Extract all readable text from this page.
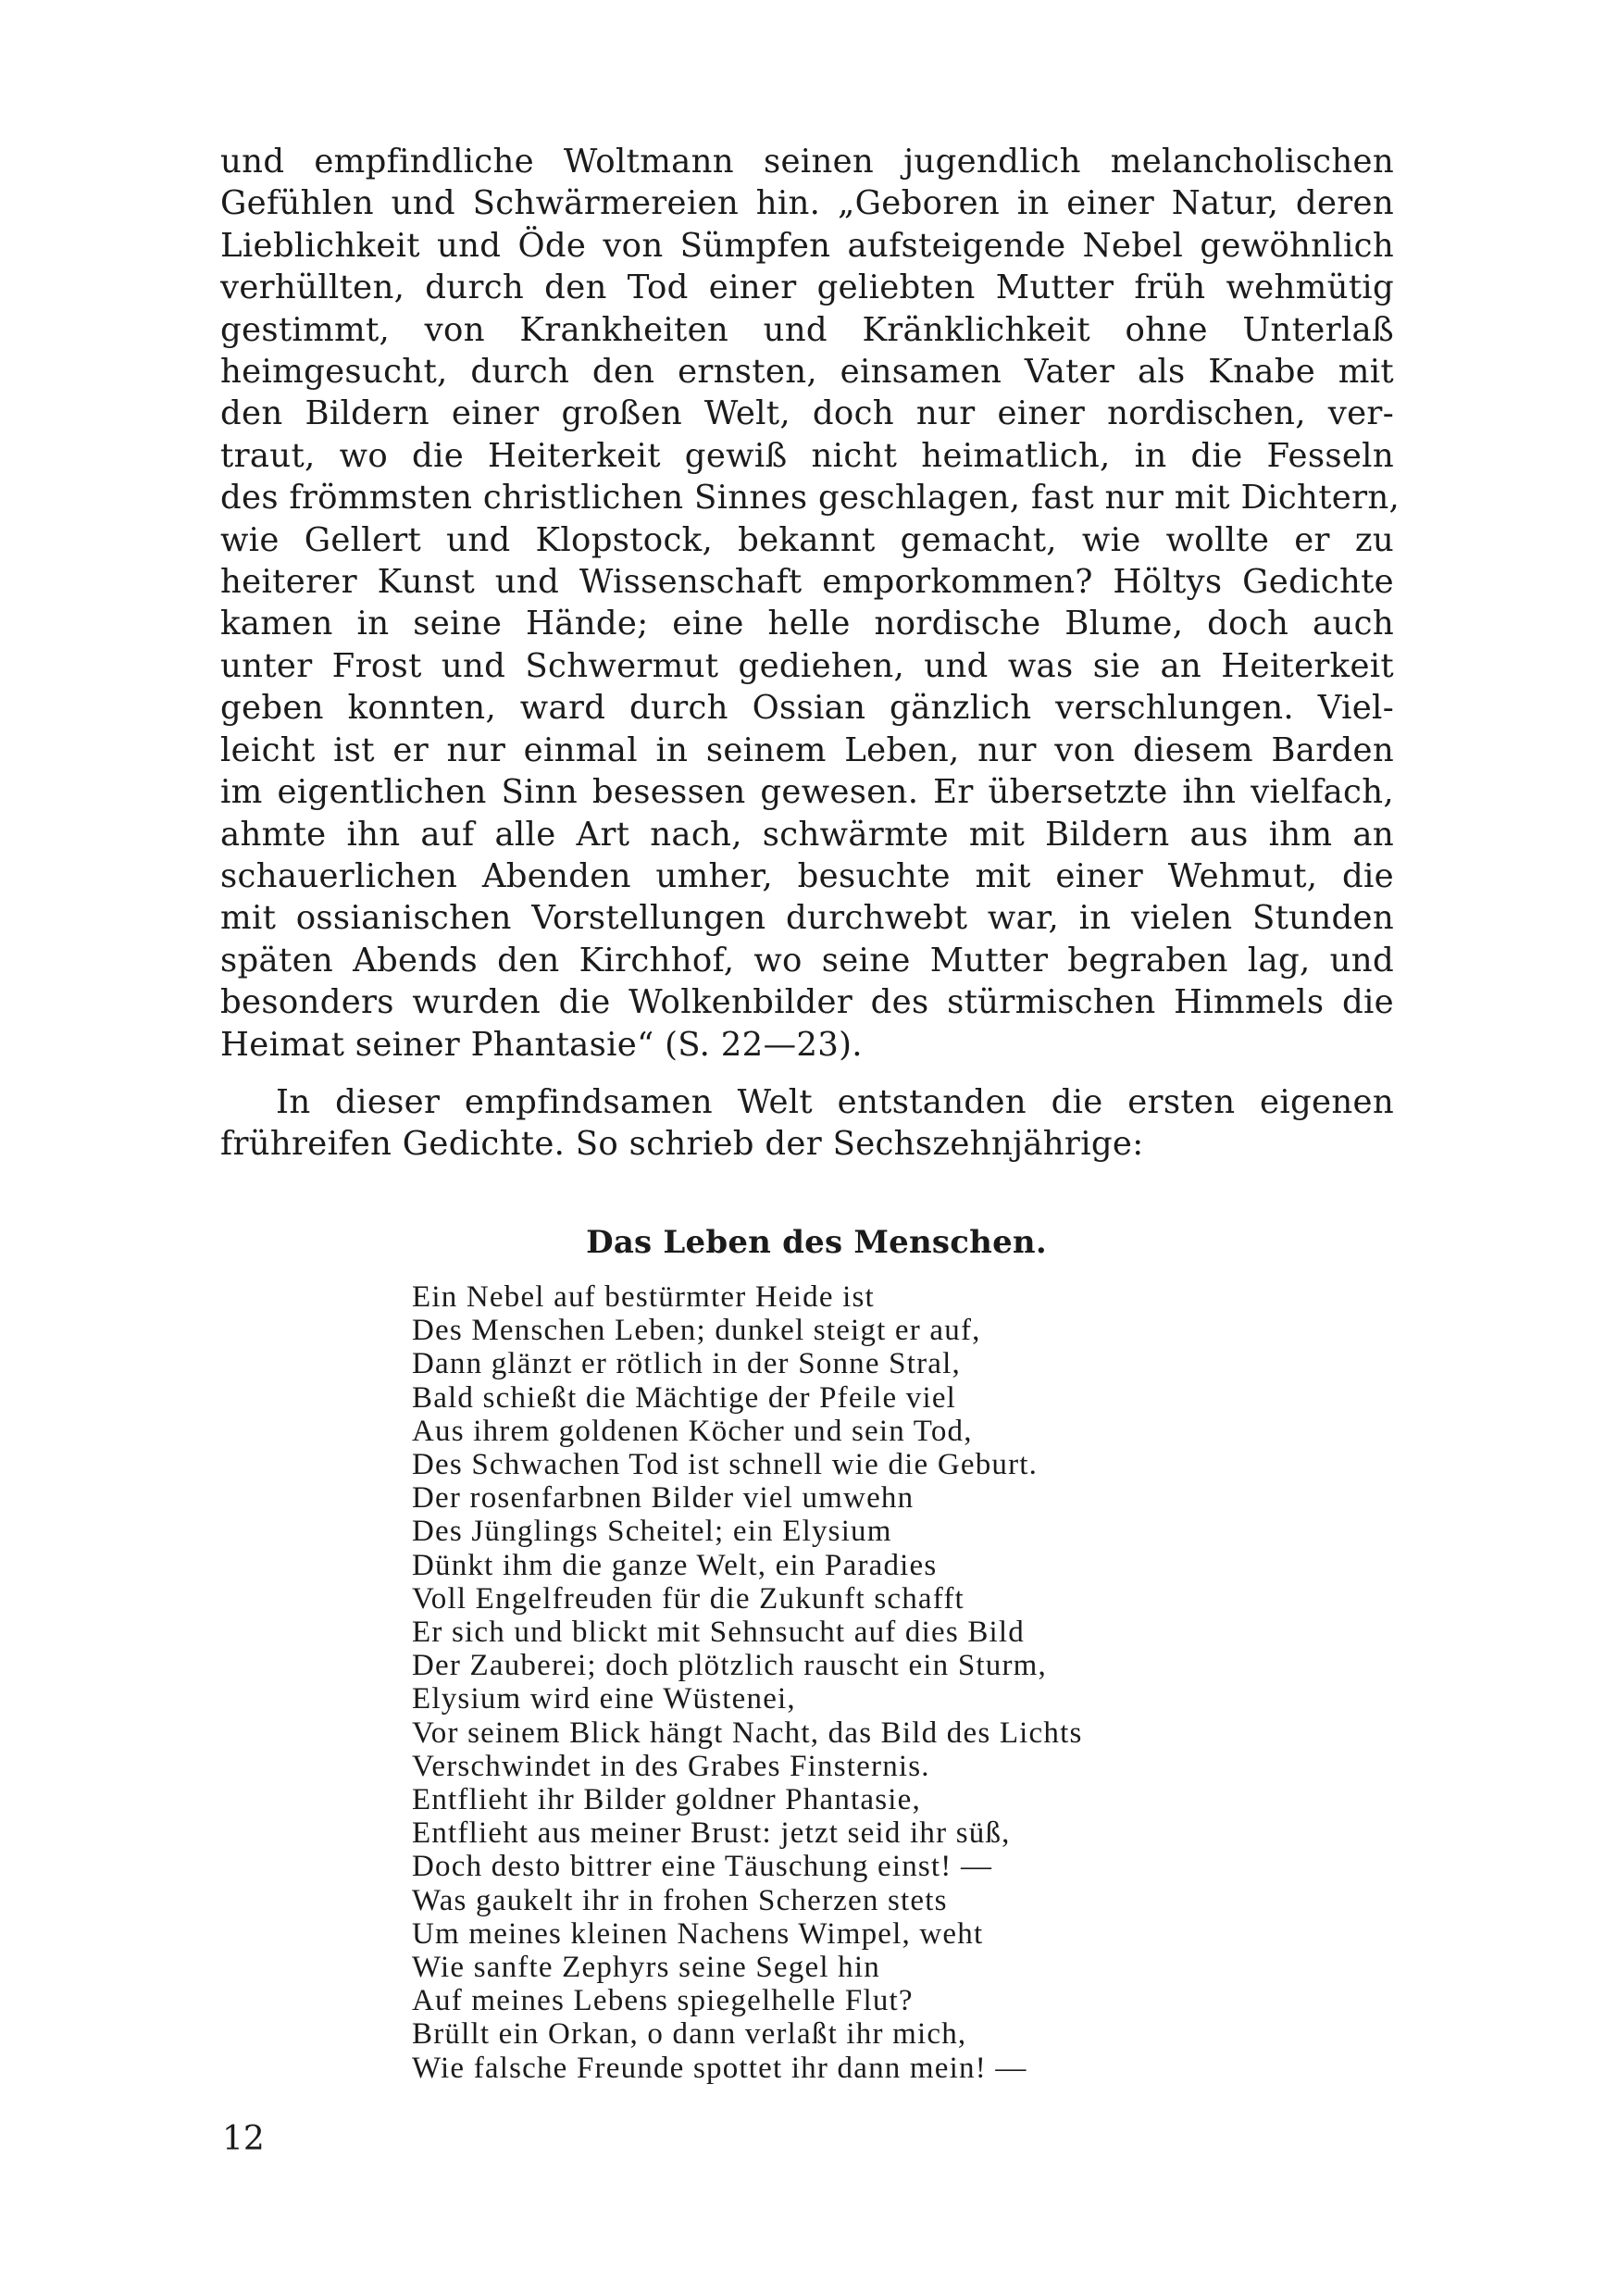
und empfindliche Woltmann seinen jugendlich melancholischen
Gefühlen und Schwärmereien hin. „Geboren in einer Natur, deren
Lieblichkeit und Öde von Sümpfen aufsteigende Nebel gewöhnlich
verhüllten, durch den Tod einer geliebten Mutter früh wehmütig
gestimmt, von Krankheiten und Kränklichkeit ohne Unterlaß
heimgesucht, durch den ernsten, einsamen Vater als Knabe mit
den Bildern einer großen Welt, doch nur einer nordischen, ver-
traut, wo die Heiterkeit gewiß nicht heimatlich, in die Fesseln
des frömmsten christlichen Sinnes geschlagen, fast nur mit Dichtern,
wie Gellert und Klopstock, bekannt gemacht, wie wollte er zu
heiterer Kunst und Wissenschaft emporkommen? Höltys Gedichte
kamen in seine Hände; eine helle nordische Blume, doch auch
unter Frost und Schwermut gediehen, und was sie an Heiterkeit
geben konnten, ward durch Ossian gänzlich verschlungen. Viel-
leicht ist er nur einmal in seinem Leben, nur von diesem Barden
im eigentlichen Sinn besessen gewesen. Er übersetzte ihn vielfach,
ahmte ihn auf alle Art nach, schwärmte mit Bildern aus ihm an
schauerlichen Abenden umher, besuchte mit einer Wehmut, die
mit ossianischen Vorstellungen durchwebt war, in vielen Stunden
späten Abends den Kirchhof, wo seine Mutter begraben lag, und
besonders wurden die Wolkenbilder des stürmischen Himmels die
Heimat seiner Phantasie“ (S. 22—23).
In dieser empfindsamen Welt entstanden die ersten eigenen
frühreifen Gedichte. So schrieb der Sechszehnjährige:
Das Leben des Menschen.
Ein Nebel auf bestürmter Heide ist
Des Menschen Leben; dunkel steigt er auf,
Dann glänzt er rötlich in der Sonne Stral,
Bald schießt die Mächtige der Pfeile viel
Aus ihrem goldenen Köcher und sein Tod,
Des Schwachen Tod ist schnell wie die Geburt.
Der rosenfarbnen Bilder viel umwehn
Des Jünglings Scheitel; ein Elysium
Dünkt ihm die ganze Welt, ein Paradies
Voll Engelfreuden für die Zukunft schafft
Er sich und blickt mit Sehnsucht auf dies Bild
Der Zauberei; doch plötzlich rauscht ein Sturm,
Elysium wird eine Wüstenei,
Vor seinem Blick hängt Nacht, das Bild des Lichts
Verschwindet in des Grabes Finsternis.
Entflieht ihr Bilder goldner Phantasie,
Entflieht aus meiner Brust: jetzt seid ihr süß,
Doch desto bittrer eine Täuschung einst! —
Was gaukelt ihr in frohen Scherzen stets
Um meines kleinen Nachens Wimpel, weht
Wie sanfte Zephyrs seine Segel hin
Auf meines Lebens spiegelhelle Flut?
Brüllt ein Orkan, o dann verlaßt ihr mich,
Wie falsche Freunde spottet ihr dann mein! —
12
